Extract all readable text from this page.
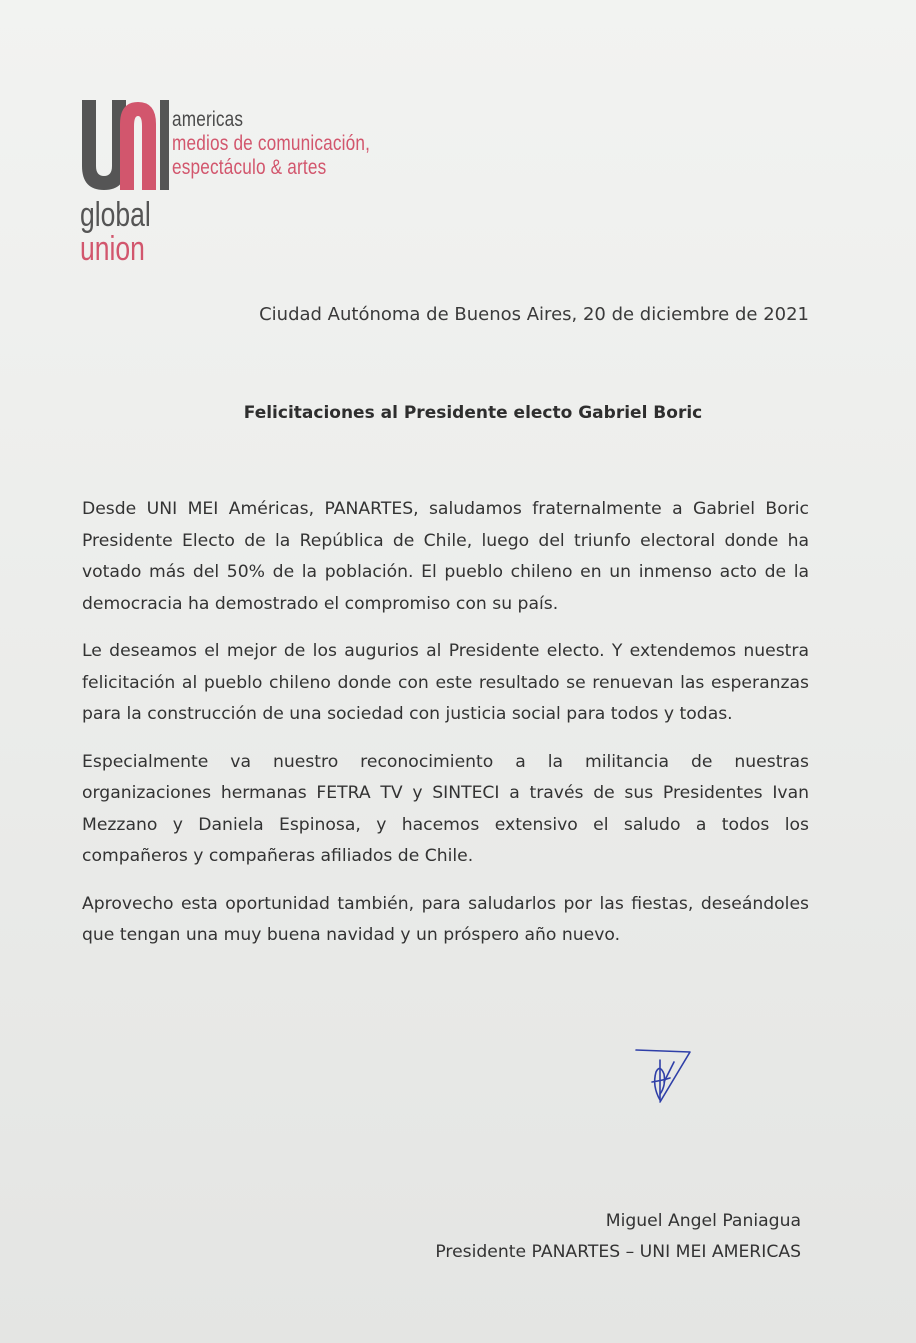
americas
medios de comunicación,
espectáculo & artes
global
union
Ciudad Autónoma de Buenos Aires, 20 de diciembre de 2021
Felicitaciones al Presidente electo Gabriel Boric

Desde UNI MEI Américas, PANARTES, saludamos fraternalmente a Gabriel Boric Presidente Electo de la República de Chile, luego del triunfo electoral donde ha votado más del 50% de la población. El pueblo chileno en un inmenso acto de la democracia ha demostrado el compromiso con su país.

Le deseamos el mejor de los augurios al Presidente electo. Y extendemos nuestra felicitación al pueblo chileno donde con este resultado se renuevan las esperanzas para la construcción de una sociedad con justicia social para todos y todas.

Especialmente va nuestro reconocimiento a la militancia de nuestras organizaciones hermanas FETRA TV y SINTECI a través de sus Presidentes Ivan Mezzano y Daniela Espinosa, y hacemos extensivo el saludo a todos los compañeros y compañeras afiliados de Chile.

Aprovecho esta oportunidad también, para saludarlos por las fiestas, deseándoles que tengan una muy buena navidad y un próspero año nuevo.

Miguel Angel Paniagua
Presidente PANARTES – UNI MEI AMERICAS
